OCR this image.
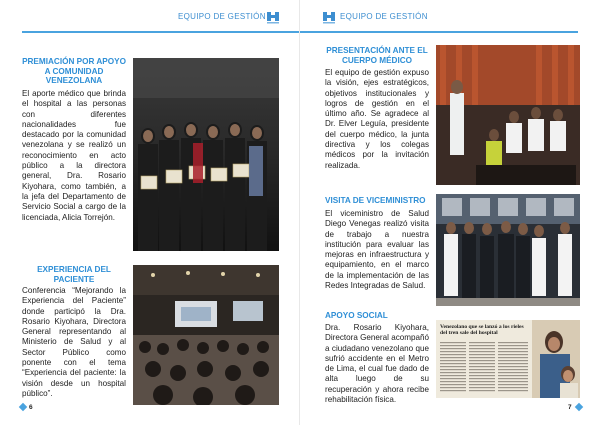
EQUIPO DE GESTIÓN
PREMIACIÓN POR APOYO A COMUNIDAD VENEZOLANA
El aporte médico que brinda el hospital a las personas con diferentes nacionalidades fue destacado por la comunidad venezolana y se realizó un reconocimiento en acto público a la directora general, Dra. Rosario Kiyohara, como también, a la jefa del Departamento de Servicio Social a cargo de la licenciada, Alicia Torrejón.
EXPERIENCIA DEL PACIENTE
Conferencia “Mejorando la Experiencia del Paciente” donde participó la Dra. Rosario Kiyohara, Directora General representando al Ministerio de Salud y al Sector Público como ponente con el tema “Experiencia del paciente: la visión desde un hospital público”.
6
EQUIPO DE GESTIÓN
PRESENTACIÓN ANTE EL CUERPO MÉDICO
El equipo de gestión expuso la visión, ejes estratégicos, objetivos institucionales y logros de gestión en el último año. Se agradece al Dr. Elver Leguía, presidente del cuerpo médico, la junta directiva y los colegas médicos por la invitación realizada.
VISITA DE VICEMINISTRO
El viceministro de Salud Diego Venegas realizó visita de trabajo a nuestra institución para evaluar las mejoras en infraestructura y equipamiento, en el marco de la implementación de las Redes Integradas de Salud.
APOYO SOCIAL
Dra. Rosario Kiyohara, Directora General acompañó a ciudadano venezolano que sufrió accidente en el Metro de Lima, el cual fue dado de alta luego de su recuperación y ahora recibe rehabilitación física.
Venezolano que se lanzó a los rieles del tren sale del hospital
7
